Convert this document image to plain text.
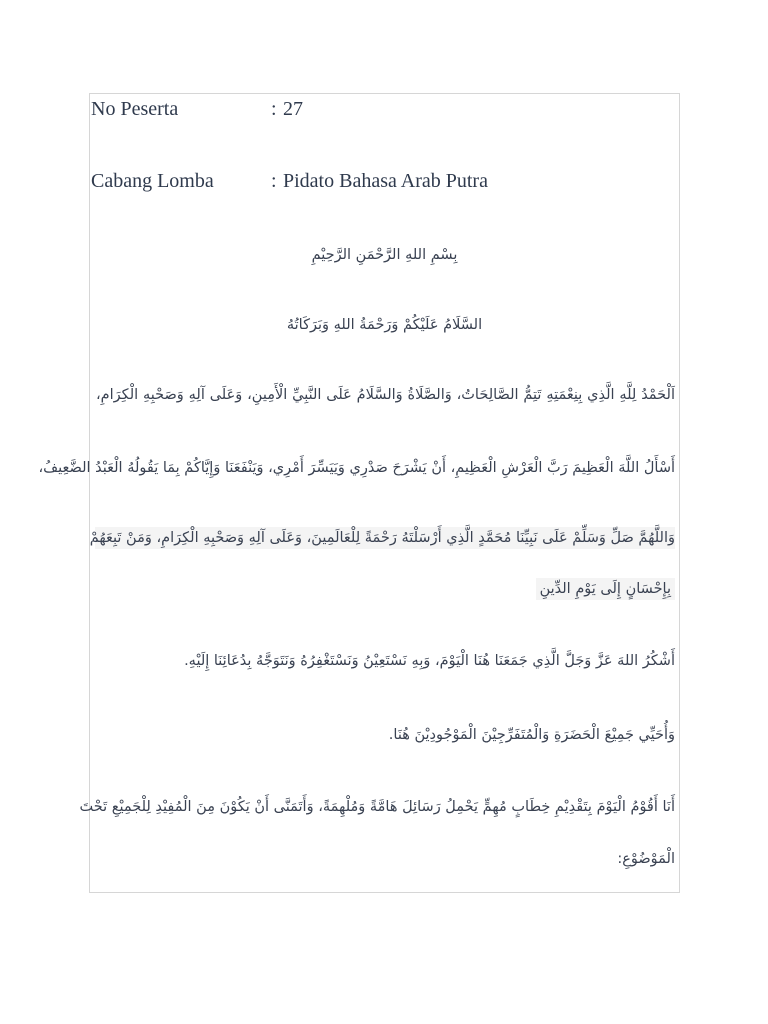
No Peserta	: 27
Cabang Lomba	: Pidato Bahasa Arab Putra
بِسْمِ اللهِ الرَّحْمَنِ الرَّحِيْمِ
السَّلَامُ عَلَيْكُمْ وَرَحْمَةُ اللهِ وَبَرَكَاتُهُ
اَلْحَمْدُ لِلَّهِ الَّذِي بِنِعْمَتِهِ تَتِمُّ الصَّالِحَاتُ، وَالصَّلَاةُ وَالسَّلَامُ عَلَى النَّبِيِّ الْأَمِينِ، وَعَلَى آلِهِ وَصَحْبِهِ الْكِرَامِ،
أَسْأَلُ اللَّهَ الْعَظِيمَ رَبَّ الْعَرْشِ الْعَظِيمِ، أَنْ يَشْرَحَ صَدْرِي وَيَيَسِّرَ أَمْرِي، وَيَنْفَعَنَا وَإِيَّاكُمْ بِمَا يَقُولُهُ الْعَبْدُ الضَّعِيفُ،
وَاللَّهُمَّ صَلِّ وَسَلِّمْ عَلَى نَبِيِّنَا مُحَمَّدٍ الَّذِي أَرْسَلْتَهُ رَحْمَةً لِلْعَالَمِينَ، وَعَلَى آلِهِ وَصَحْبِهِ الْكِرَامِ، وَمَنْ تَبِعَهُمْ
بِإِحْسَانٍ إِلَى يَوْمِ الدِّينِ
أَشْكُرُ اللهَ عَزَّ وَجَلَّ الَّذِي جَمَعَنَا هُنَا الْيَوْمَ، وَبِهِ نَسْتَعِيْنُ وَنَسْتَغْفِرُهُ وَنَتَوَجَّهُ بِدُعَائِنَا إِلَيْهِ.
وَأُحَيِّي جَمِيْعَ الْحَضَرَةِ وَالْمُتَفَرِّجِيْنَ الْمَوْجُودِيْنَ هُنَا.
أَنَا أَقُوْمُ الْيَوْمَ بِتَقْدِيْمِ خِطَابٍ مُهِمٍّ يَحْمِلُ رَسَائِلَ هَامَّةً وَمُلْهِمَةً، وَأَتَمَنَّى أَنْ يَكُوْنَ مِنَ الْمُفِيْدِ لِلْجَمِيْعِ تَحْتَ
الْمَوْضُوْعِ:
